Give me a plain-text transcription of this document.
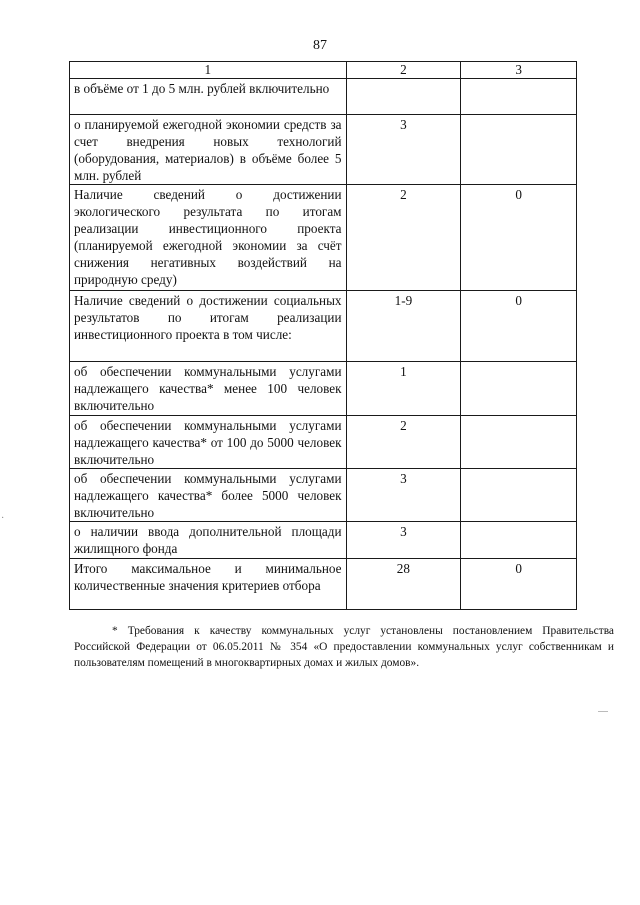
87
1	2	3
в объёме от 1 до 5 млн. рублей включительно		
о планируемой ежегодной экономии средств за счет внедрения новых технологий (оборудования, материалов) в объёме более 5 млн. рублей	3	
Наличие сведений о достижении экологического результата по итогам реализации инвестиционного проекта (планируемой ежегодной экономии за счёт снижения негативных воздействий на природную среду)	2	0
Наличие сведений о достижении социальных результатов по итогам реализации инвестиционного проекта в том числе:	1-9	0
об обеспечении коммунальными услугами надлежащего качества* менее 100 человек включительно	1	
об обеспечении коммунальными услугами надлежащего качества* от 100 до 5000 человек включительно	2	
об обеспечении коммунальными услугами надлежащего качества* более 5000 человек включительно	3	
о наличии ввода дополнительной площади жилищного фонда	3	
Итого максимальное и минимальное количественные значения критериев отбора	28	0
* Требования к качеству коммунальных услуг установлены постановлением Правительства Российской Федерации от 06.05.2011 № 354 «О предоставлении коммунальных услуг собственникам и пользователям помещений в многоквартирных домах и жилых домов».
·
